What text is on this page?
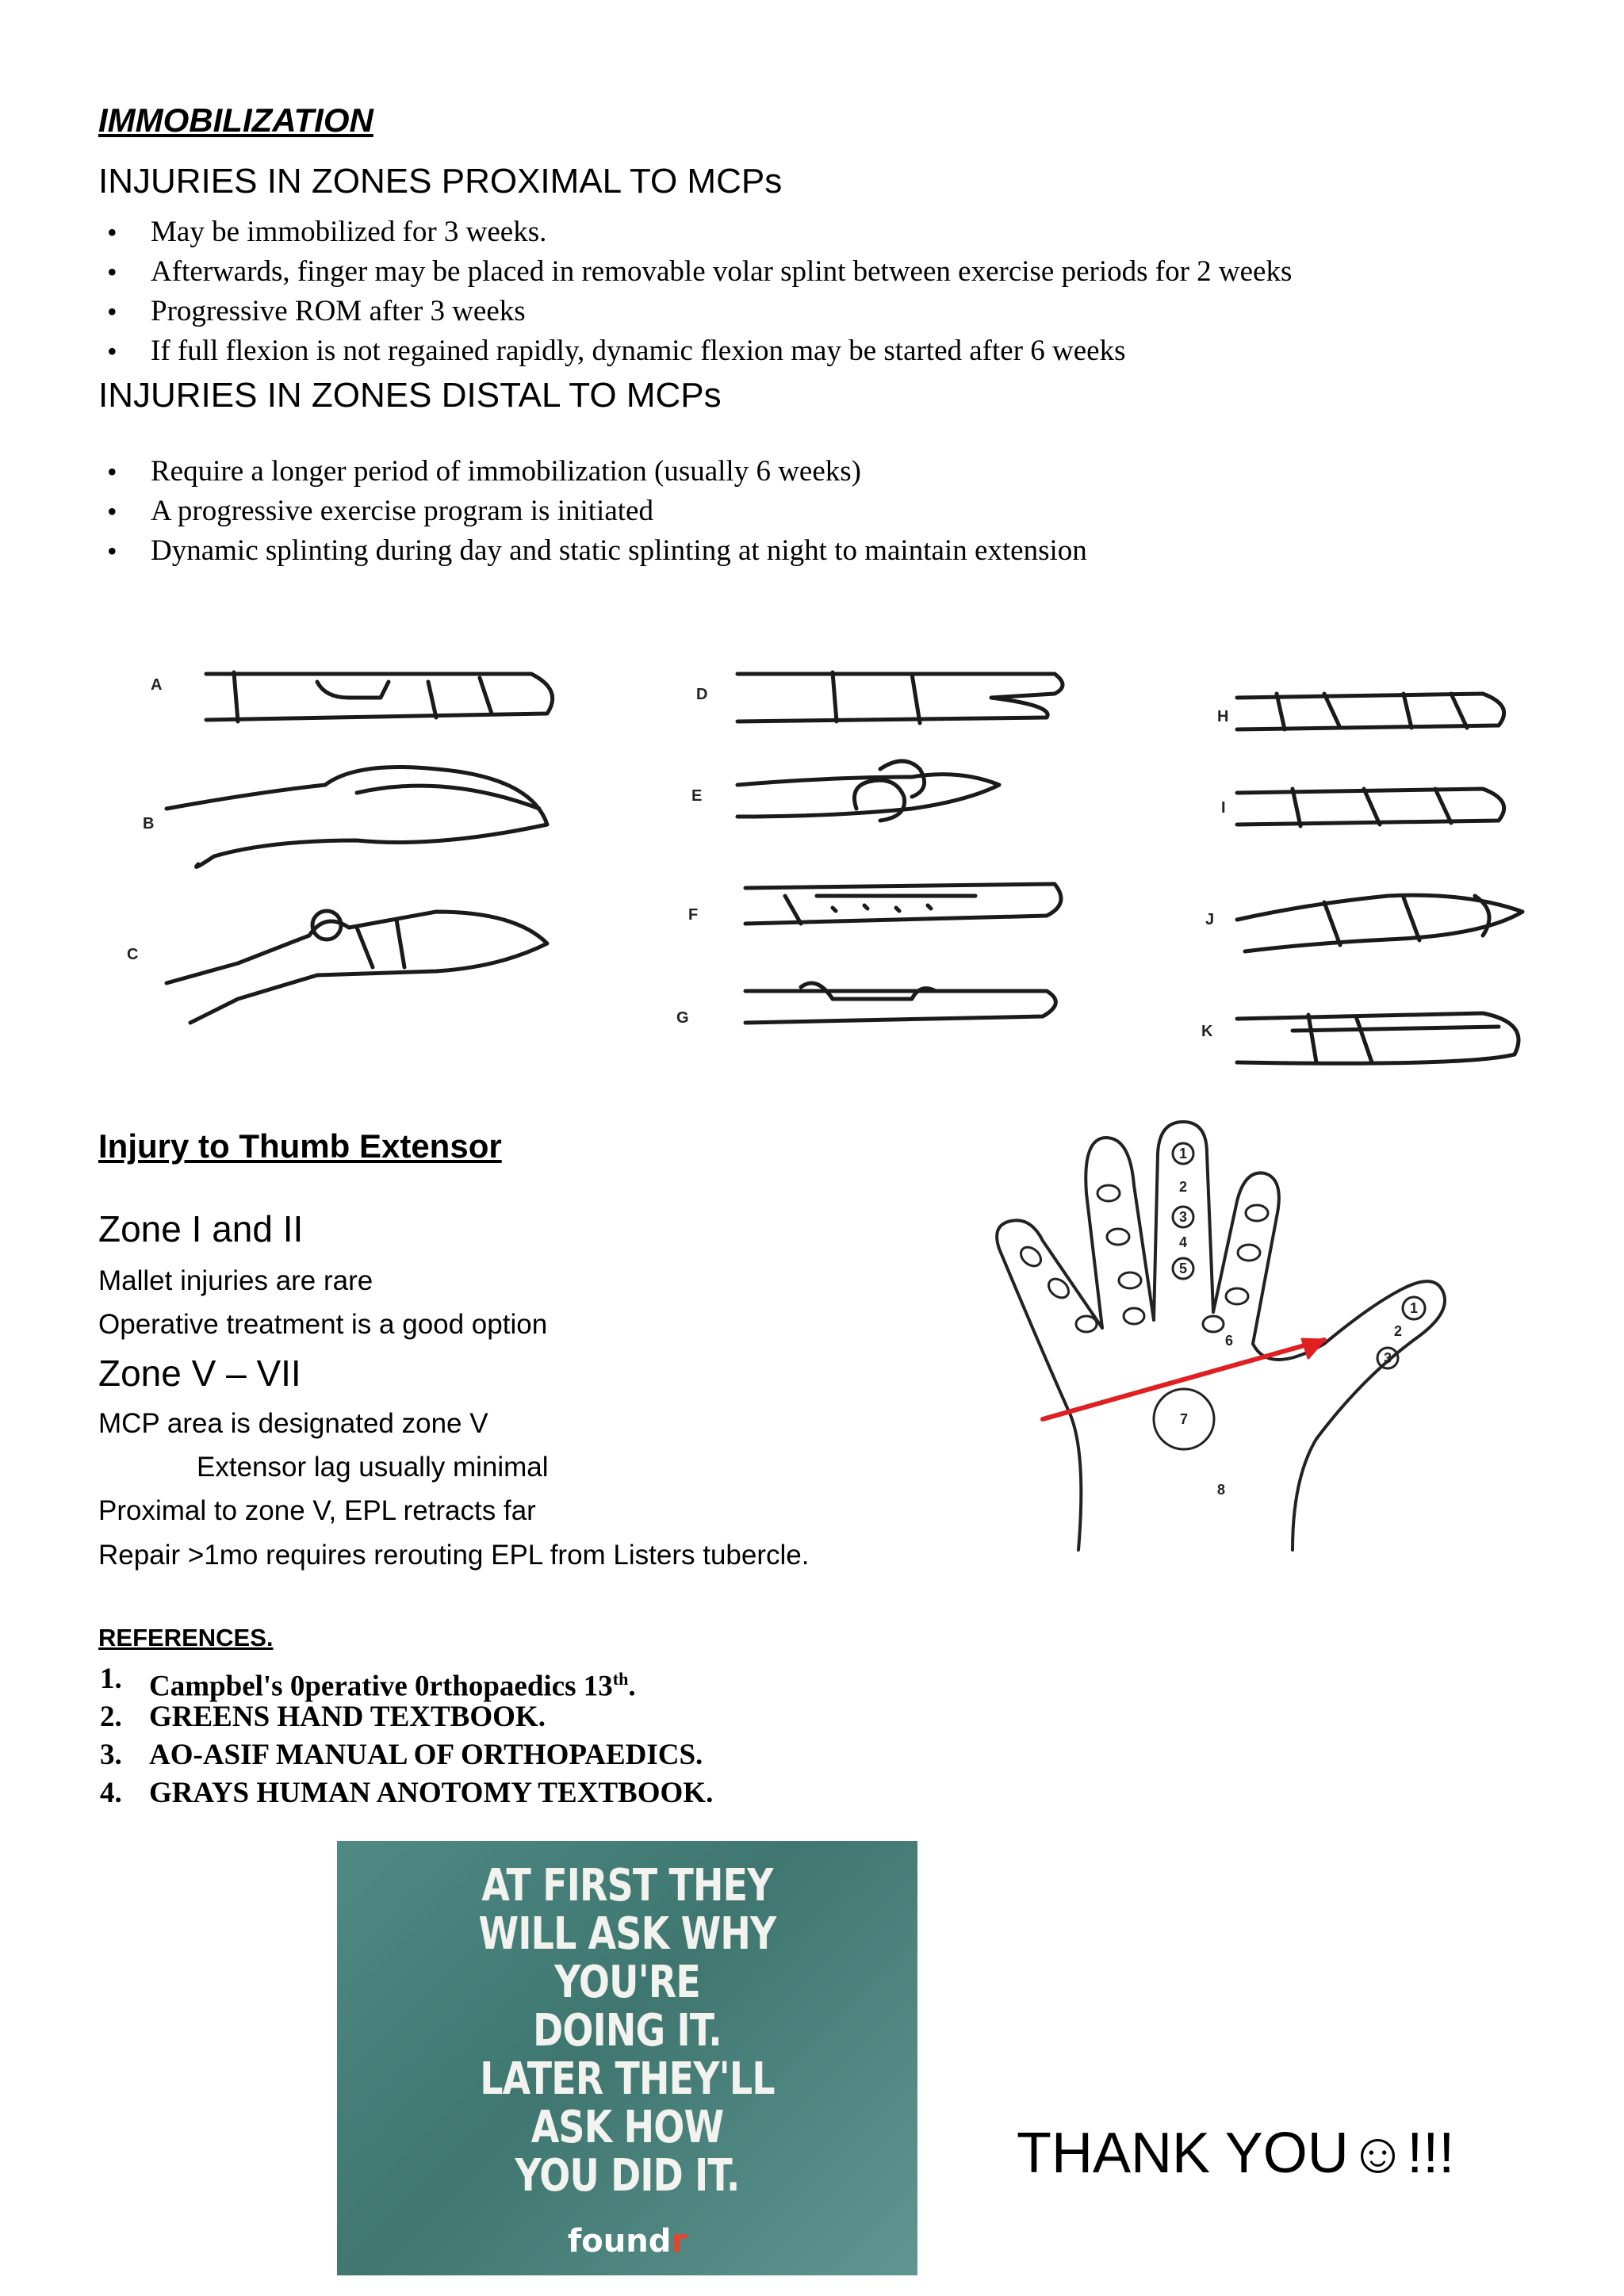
IMMOBILIZATION
INJURIES IN ZONES PROXIMAL TO MCPs
• May be immobilized for 3 weeks.
• Afterwards, finger may be placed in removable volar splint between exercise periods for 2 weeks
• Progressive ROM after 3 weeks
• If full flexion is not regained rapidly, dynamic flexion may be started after 6 weeks
INJURIES IN ZONES DISTAL TO MCPs
• Require a longer period of immobilization (usually 6 weeks)
• A progressive exercise program is initiated
• Dynamic splinting during day and static splinting at night to maintain extension
A
B
C
D
E
F
G
H
I
J
K
Injury to Thumb Extensor
Zone I and II
Mallet injuries are rare
Operative treatment is a good option
Zone V – VII
MCP area is designated zone V
Extensor lag usually minimal
Proximal to zone V, EPL retracts far
Repair >1mo requires rerouting EPL from Listers tubercle.
1
2
3
4
5
6
7
8
1
2
3
REFERENCES.
1. Campbel's 0perative 0rthopaedics 13th.
2. GREENS HAND TEXTBOOK.
3. AO-ASIF MANUAL OF ORTHOPAEDICS.
4. GRAYS HUMAN ANOTOMY TEXTBOOK.
AT FIRST THEY
WILL ASK WHY
YOU'RE
DOING IT.
LATER THEY'LL
ASK HOW
YOU DID IT.
foundr
THANK YOU☺!!!
